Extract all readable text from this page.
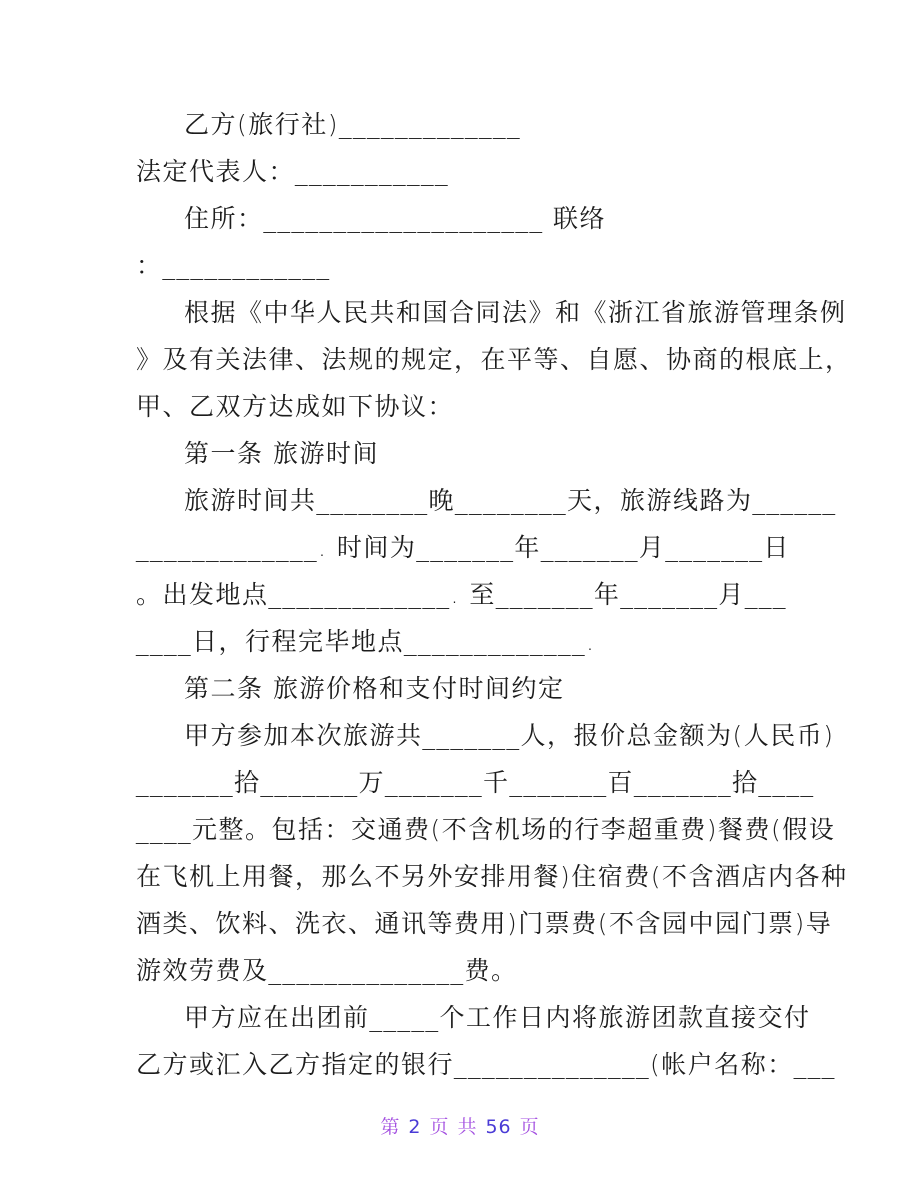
乙方(旅行社)_____________
法定代表人：___________
住所：____________________ 联络
：____________
根据《中华人民共和国合同法》和《浙江省旅游管理条例
》及有关法律、法规的规定，在平等、自愿、协商的根底上，
甲、乙双方达成如下协议：
第一条 旅游时间
旅游时间共________晚________天，旅游线路为______
_____________. 时间为_______年_______月_______日
。出发地点_____________. 至_______年_______月___
____日，行程完毕地点_____________.
第二条 旅游价格和支付时间约定
甲方参加本次旅游共_______人，报价总金额为(人民币)
_______拾_______万_______千_______百_______拾____
____元整。包括：交通费(不含机场的行李超重费)餐费(假设
在飞机上用餐，那么不另外安排用餐)住宿费(不含酒店内各种
酒类、饮料、洗衣、通讯等费用)门票费(不含园中园门票)导
游效劳费及______________费。
甲方应在出团前_____个工作日内将旅游团款直接交付
乙方或汇入乙方指定的银行______________(帐户名称：___
第 2 页 共 56 页
